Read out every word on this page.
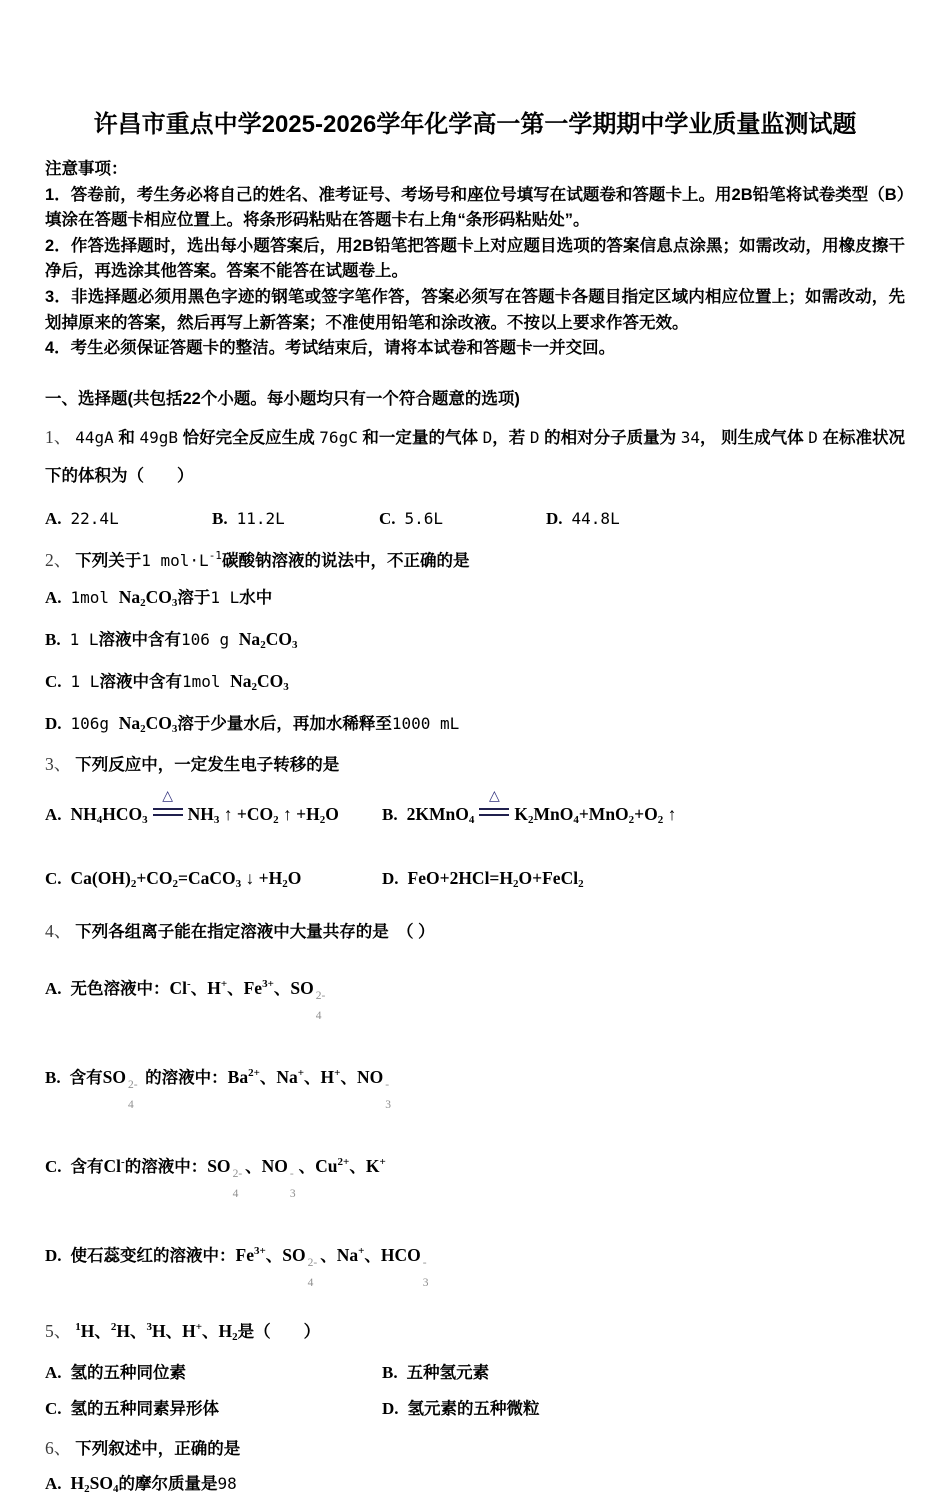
许昌市重点中学2025-2026学年化学高一第一学期期中学业质量监测试题

注意事项：

1．答卷前，考生务必将自己的姓名、准考证号、考场号和座位号填写在试题卷和答题卡上。用2B铅笔将试卷类型（B）填涂在答题卡相应位置上。将条形码粘贴在答题卡右上角“条形码粘贴处”。

2．作答选择题时，选出每小题答案后，用2B铅笔把答题卡上对应题目选项的答案信息点涂黑；如需改动，用橡皮擦干净后，再选涂其他答案。答案不能答在试题卷上。

3．非选择题必须用黑色字迹的钢笔或签字笔作答，答案必须写在答题卡各题目指定区域内相应位置上；如需改动，先划掉原来的答案，然后再写上新答案；不准使用铅笔和涂改液。不按以上要求作答无效。

4．考生必须保证答题卡的整洁。考试结束后，请将本试卷和答题卡一并交回。

一、选择题(共包括22个小题。每小题均只有一个符合题意的选项)

1、 44gA 和 49gB 恰好完全反应生成 76gC 和一定量的气体 D，若 D 的相对分子质量为 34， 则生成气体 D 在标准状况下的体积为（　　）

A. 22.4L	B. 11.2L	C. 5.6L	D. 44.8L

2、 下列关于1 $mol\cdot L^{-1}$碳酸钠溶液的说法中，不正确的是

A. 1mol Na2CO3溶于1 L水中

B. 1 L溶液中含有106 g Na2CO3

C. 1 L溶液中含有1mol Na2CO3

D. 106g Na2CO3溶于少量水后，再加水稀释至1000 mL

3、 下列反应中，一定发生电子转移的是

A. NH4HCO3
△
NH3 ↑ +CO2 ↑ +H2O	B. 2KMnO4
△
K2MnO4+MnO2+O2 ↑
C. Ca(OH)2+CO2=CaCO3 ↓ +H2O	D. FeO+2HCl=H2O+FeCl2

4、 下列各组离子能在指定溶液中大量共存的是　（ ）

A. 无色溶液中：Cl-、H+、$Fe^{3+}$、SO 2-
4

B. 含有SO 2-
4
的溶液中：$Ba^{2+}$、Na+、H+、NO -
3

C. 含有Cl-的溶液中：SO 2-
4
、NO -
3
、$Cu^{2+}$、K+

D. 使石蕊变红的溶液中：$Fe^{3+}$、SO 2-
4
、Na+、HCO -
3

5、 $^1$H、$^2$H、$^3$H、H+、H2是（　　）

A. 氢的五种同位素	B. 五种氢元素
C. 氢的五种同素异形体	D. 氢元素的五种微粒

6、 下列叙述中，正确的是

A. H2SO4的摩尔质量是98
